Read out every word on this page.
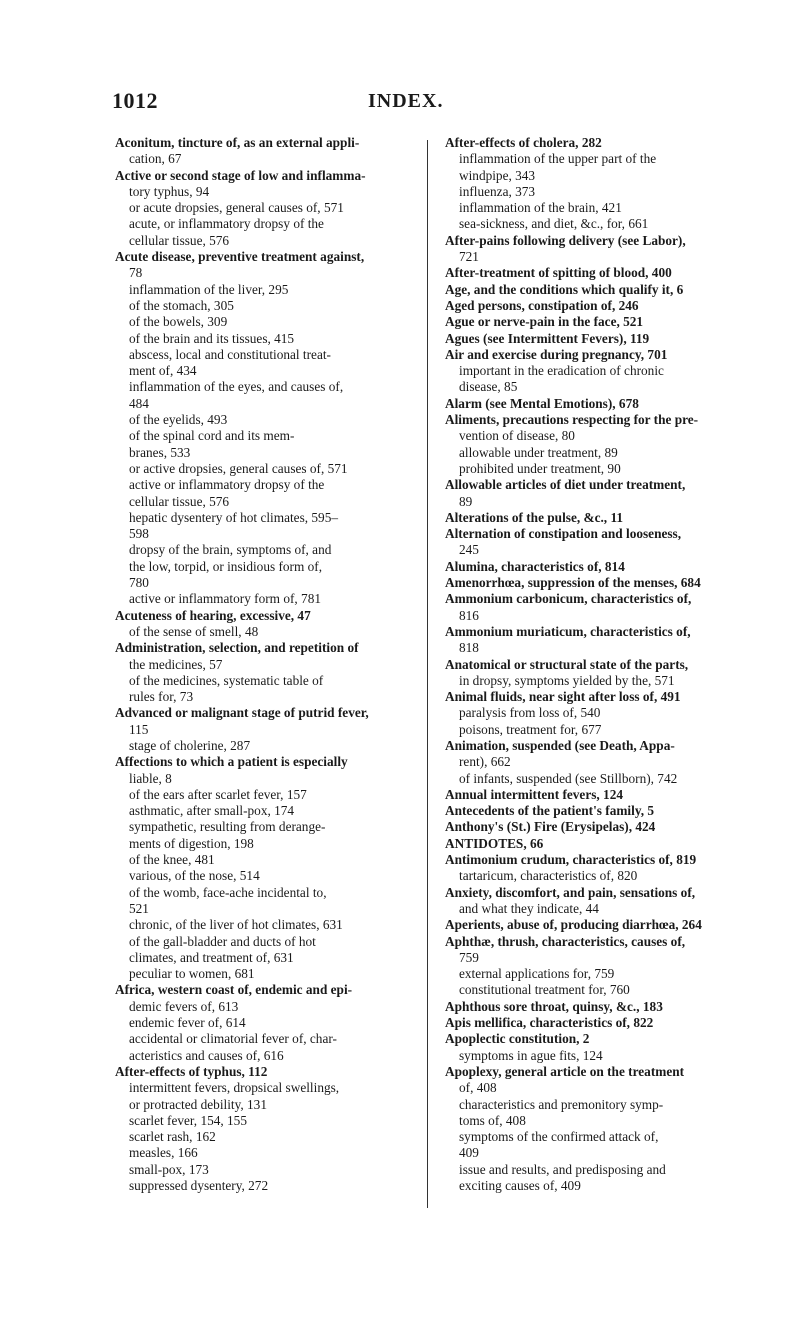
1012	INDEX.
Aconitum, tincture of, as an external appli-
cation, 67
Active or second stage of low and inflamma-
tory typhus, 94
or acute dropsies, general causes of, 571
acute, or inflammatory dropsy of the
cellular tissue, 576
Acute disease, preventive treatment against,
78
inflammation of the liver, 295
of the stomach, 305
of the bowels, 309
of the brain and its tissues, 415
abscess, local and constitutional treat-
ment of, 434
inflammation of the eyes, and causes of,
484
of the eyelids, 493
of the spinal cord and its mem-
branes, 533
or active dropsies, general causes of, 571
active or inflammatory dropsy of the
cellular tissue, 576
hepatic dysentery of hot climates, 595–
598
dropsy of the brain, symptoms of, and
the low, torpid, or insidious form of,
780
active or inflammatory form of, 781
Acuteness of hearing, excessive, 47
of the sense of smell, 48
Administration, selection, and repetition of
the medicines, 57
of the medicines, systematic table of
rules for, 73
Advanced or malignant stage of putrid fever,
115
stage of cholerine, 287
Affections to which a patient is especially
liable, 8
of the ears after scarlet fever, 157
asthmatic, after small-pox, 174
sympathetic, resulting from derange-
ments of digestion, 198
of the knee, 481
various, of the nose, 514
of the womb, face-ache incidental to,
521
chronic, of the liver of hot climates, 631
of the gall-bladder and ducts of hot
climates, and treatment of, 631
peculiar to women, 681
Africa, western coast of, endemic and epi-
demic fevers of, 613
endemic fever of, 614
accidental or climatorial fever of, char-
acteristics and causes of, 616
After-effects of typhus, 112
intermittent fevers, dropsical swellings,
or protracted debility, 131
scarlet fever, 154, 155
scarlet rash, 162
measles, 166
small-pox, 173
suppressed dysentery, 272
After-effects of cholera, 282
inflammation of the upper part of the
windpipe, 343
influenza, 373
inflammation of the brain, 421
sea-sickness, and diet, &c., for, 661
After-pains following delivery (see Labor),
721
After-treatment of spitting of blood, 400
Age, and the conditions which qualify it, 6
Aged persons, constipation of, 246
Ague or nerve-pain in the face, 521
Agues (see Intermittent Fevers), 119
Air and exercise during pregnancy, 701
important in the eradication of chronic
disease, 85
Alarm (see Mental Emotions), 678
Aliments, precautions respecting for the pre-
vention of disease, 80
allowable under treatment, 89
prohibited under treatment, 90
Allowable articles of diet under treatment,
89
Alterations of the pulse, &c., 11
Alternation of constipation and looseness,
245
Alumina, characteristics of, 814
Amenorrhœa, suppression of the menses, 684
Ammonium carbonicum, characteristics of,
816
Ammonium muriaticum, characteristics of,
818
Anatomical or structural state of the parts,
in dropsy, symptoms yielded by the, 571
Animal fluids, near sight after loss of, 491
paralysis from loss of, 540
poisons, treatment for, 677
Animation, suspended (see Death, Appa-
rent), 662
of infants, suspended (see Stillborn), 742
Annual intermittent fevers, 124
Antecedents of the patient's family, 5
Anthony's (St.) Fire (Erysipelas), 424
ANTIDOTES, 66
Antimonium crudum, characteristics of, 819
tartaricum, characteristics of, 820
Anxiety, discomfort, and pain, sensations of,
and what they indicate, 44
Aperients, abuse of, producing diarrhœa, 264
Aphthæ, thrush, characteristics, causes of,
759
external applications for, 759
constitutional treatment for, 760
Aphthous sore throat, quinsy, &c., 183
Apis mellifica, characteristics of, 822
Apoplectic constitution, 2
symptoms in ague fits, 124
Apoplexy, general article on the treatment
of, 408
characteristics and premonitory symp-
toms of, 408
symptoms of the confirmed attack of,
409
issue and results, and predisposing and
exciting causes of, 409
